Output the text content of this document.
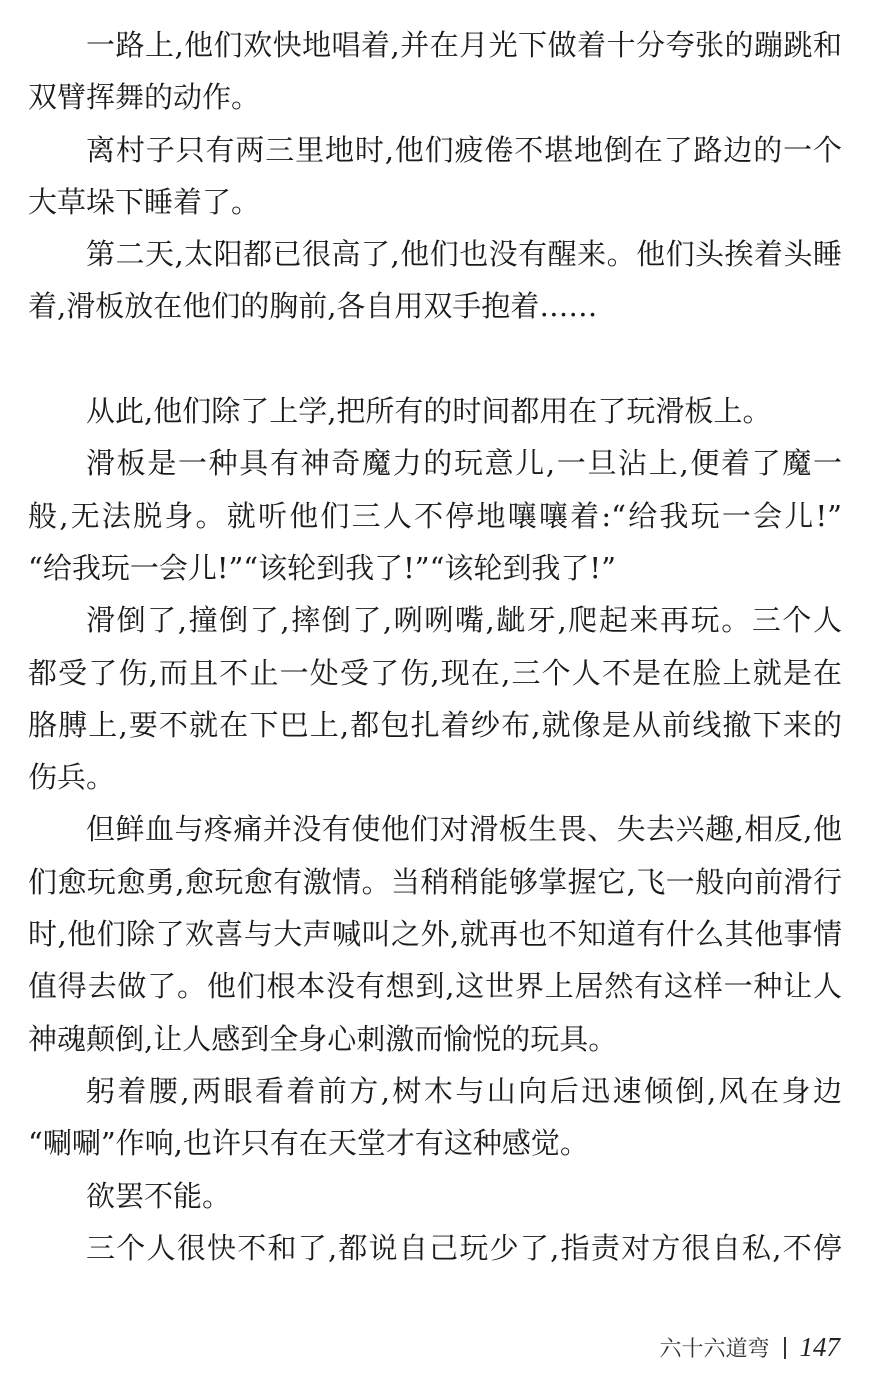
一路上,他们欢快地唱着,并在月光下做着十分夸张的蹦跳和
双臂挥舞的动作。
离村子只有两三里地时,他们疲倦不堪地倒在了路边的一个
大草垛下睡着了。
第二天,太阳都已很高了,他们也没有醒来。他们头挨着头睡
着,滑板放在他们的胸前,各自用双手抱着……
从此,他们除了上学,把所有的时间都用在了玩滑板上。
滑板是一种具有神奇魔力的玩意儿,一旦沾上,便着了魔一
般,无法脱身。就听他们三人不停地嚷嚷着:“给我玩一会儿!”
“给我玩一会儿!”“该轮到我了!”“该轮到我了!”
滑倒了,撞倒了,摔倒了,咧咧嘴,龇牙,爬起来再玩。三个人
都受了伤,而且不止一处受了伤,现在,三个人不是在脸上就是在
胳膊上,要不就在下巴上,都包扎着纱布,就像是从前线撤下来的
伤兵。
但鲜血与疼痛并没有使他们对滑板生畏、失去兴趣,相反,他
们愈玩愈勇,愈玩愈有激情。当稍稍能够掌握它,飞一般向前滑行
时,他们除了欢喜与大声喊叫之外,就再也不知道有什么其他事情
值得去做了。他们根本没有想到,这世界上居然有这样一种让人
神魂颠倒,让人感到全身心刺激而愉悦的玩具。
躬着腰,两眼看着前方,树木与山向后迅速倾倒,风在身边
“唰唰”作响,也许只有在天堂才有这种感觉。
欲罢不能。
三个人很快不和了,都说自己玩少了,指责对方很自私,不停
六十六道弯 147
